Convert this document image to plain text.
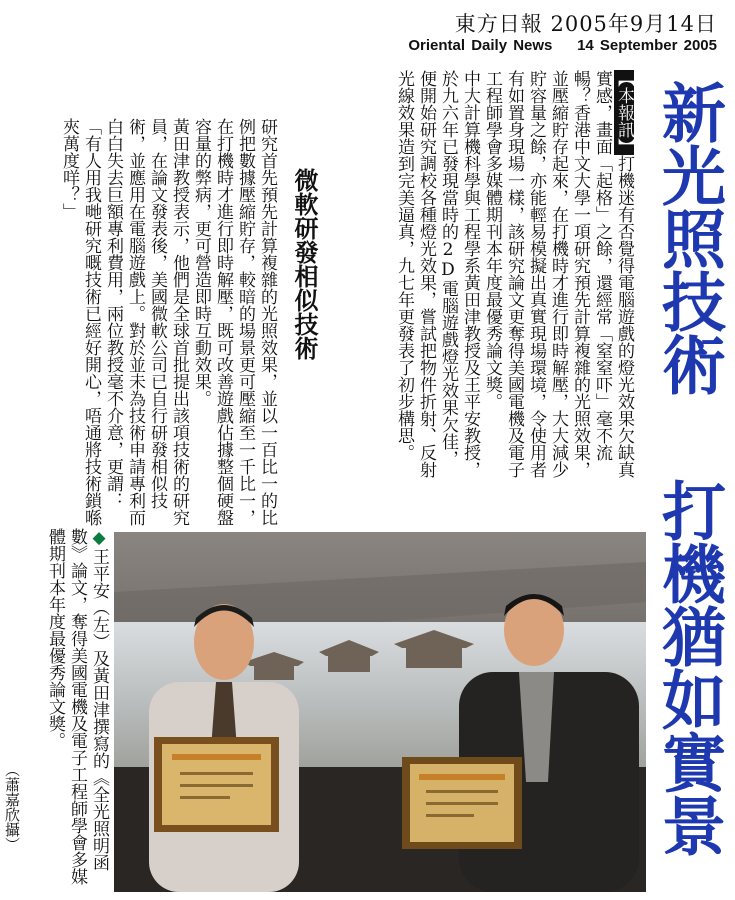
東方日報 2005年9月14日
Oriental Daily News 14 September 2005
新光照技術
打機猶如實景
【本報訊】打機迷有否覺得電腦遊戲的燈光效果欠缺真實感，畫面「起格」之餘，還經常「窒窒吓」毫不流暢？香港中文大學一項研究預先計算複雜的光照效果，並壓縮貯存起來，在打機時才進行即時解壓，大大減少貯容量之餘，亦能輕易模擬出真實現場環境，令使用者有如置身現場一樣，該研究論文更奪得美國電機及電子工程師學會多媒體期刊本年度最優秀論文獎。
中大計算機科學與工程學系黃田津教授及王平安教授，於九六年已發現當時的2D電腦遊戲燈光效果欠佳，便開始研究調校各種燈光效果，嘗試把物件折射、反射光線效果造到完美逼真，九七年更發表了初步構思。
微軟研發相似技術
研究首先預先計算複雜的光照效果，並以一百比一的比例把數據壓縮貯存，較暗的場景更可壓縮至一千比一，在打機時才進行即時解壓，既可改善遊戲佔據整個硬盤容量的弊病，更可營造即時互動效果。
黃田津教授表示，他們是全球首批提出該項技術的研究員，在論文發表後，美國微軟公司已自行研發相似技術，並應用在電腦遊戲上。對於並未為技術申請專利而白白失去巨額專利費用，兩位教授毫不介意，更謂：「有人用我哋研究嘅技術已經好開心，唔通將技術鎖喺夾萬度咩？」
◆王平安（左）及黃田津撰寫的《全光照明函數》論文，奪得美國電機及電子工程師學會多媒體期刊本年度最優秀論文獎。
（蕭嘉欣攝）
